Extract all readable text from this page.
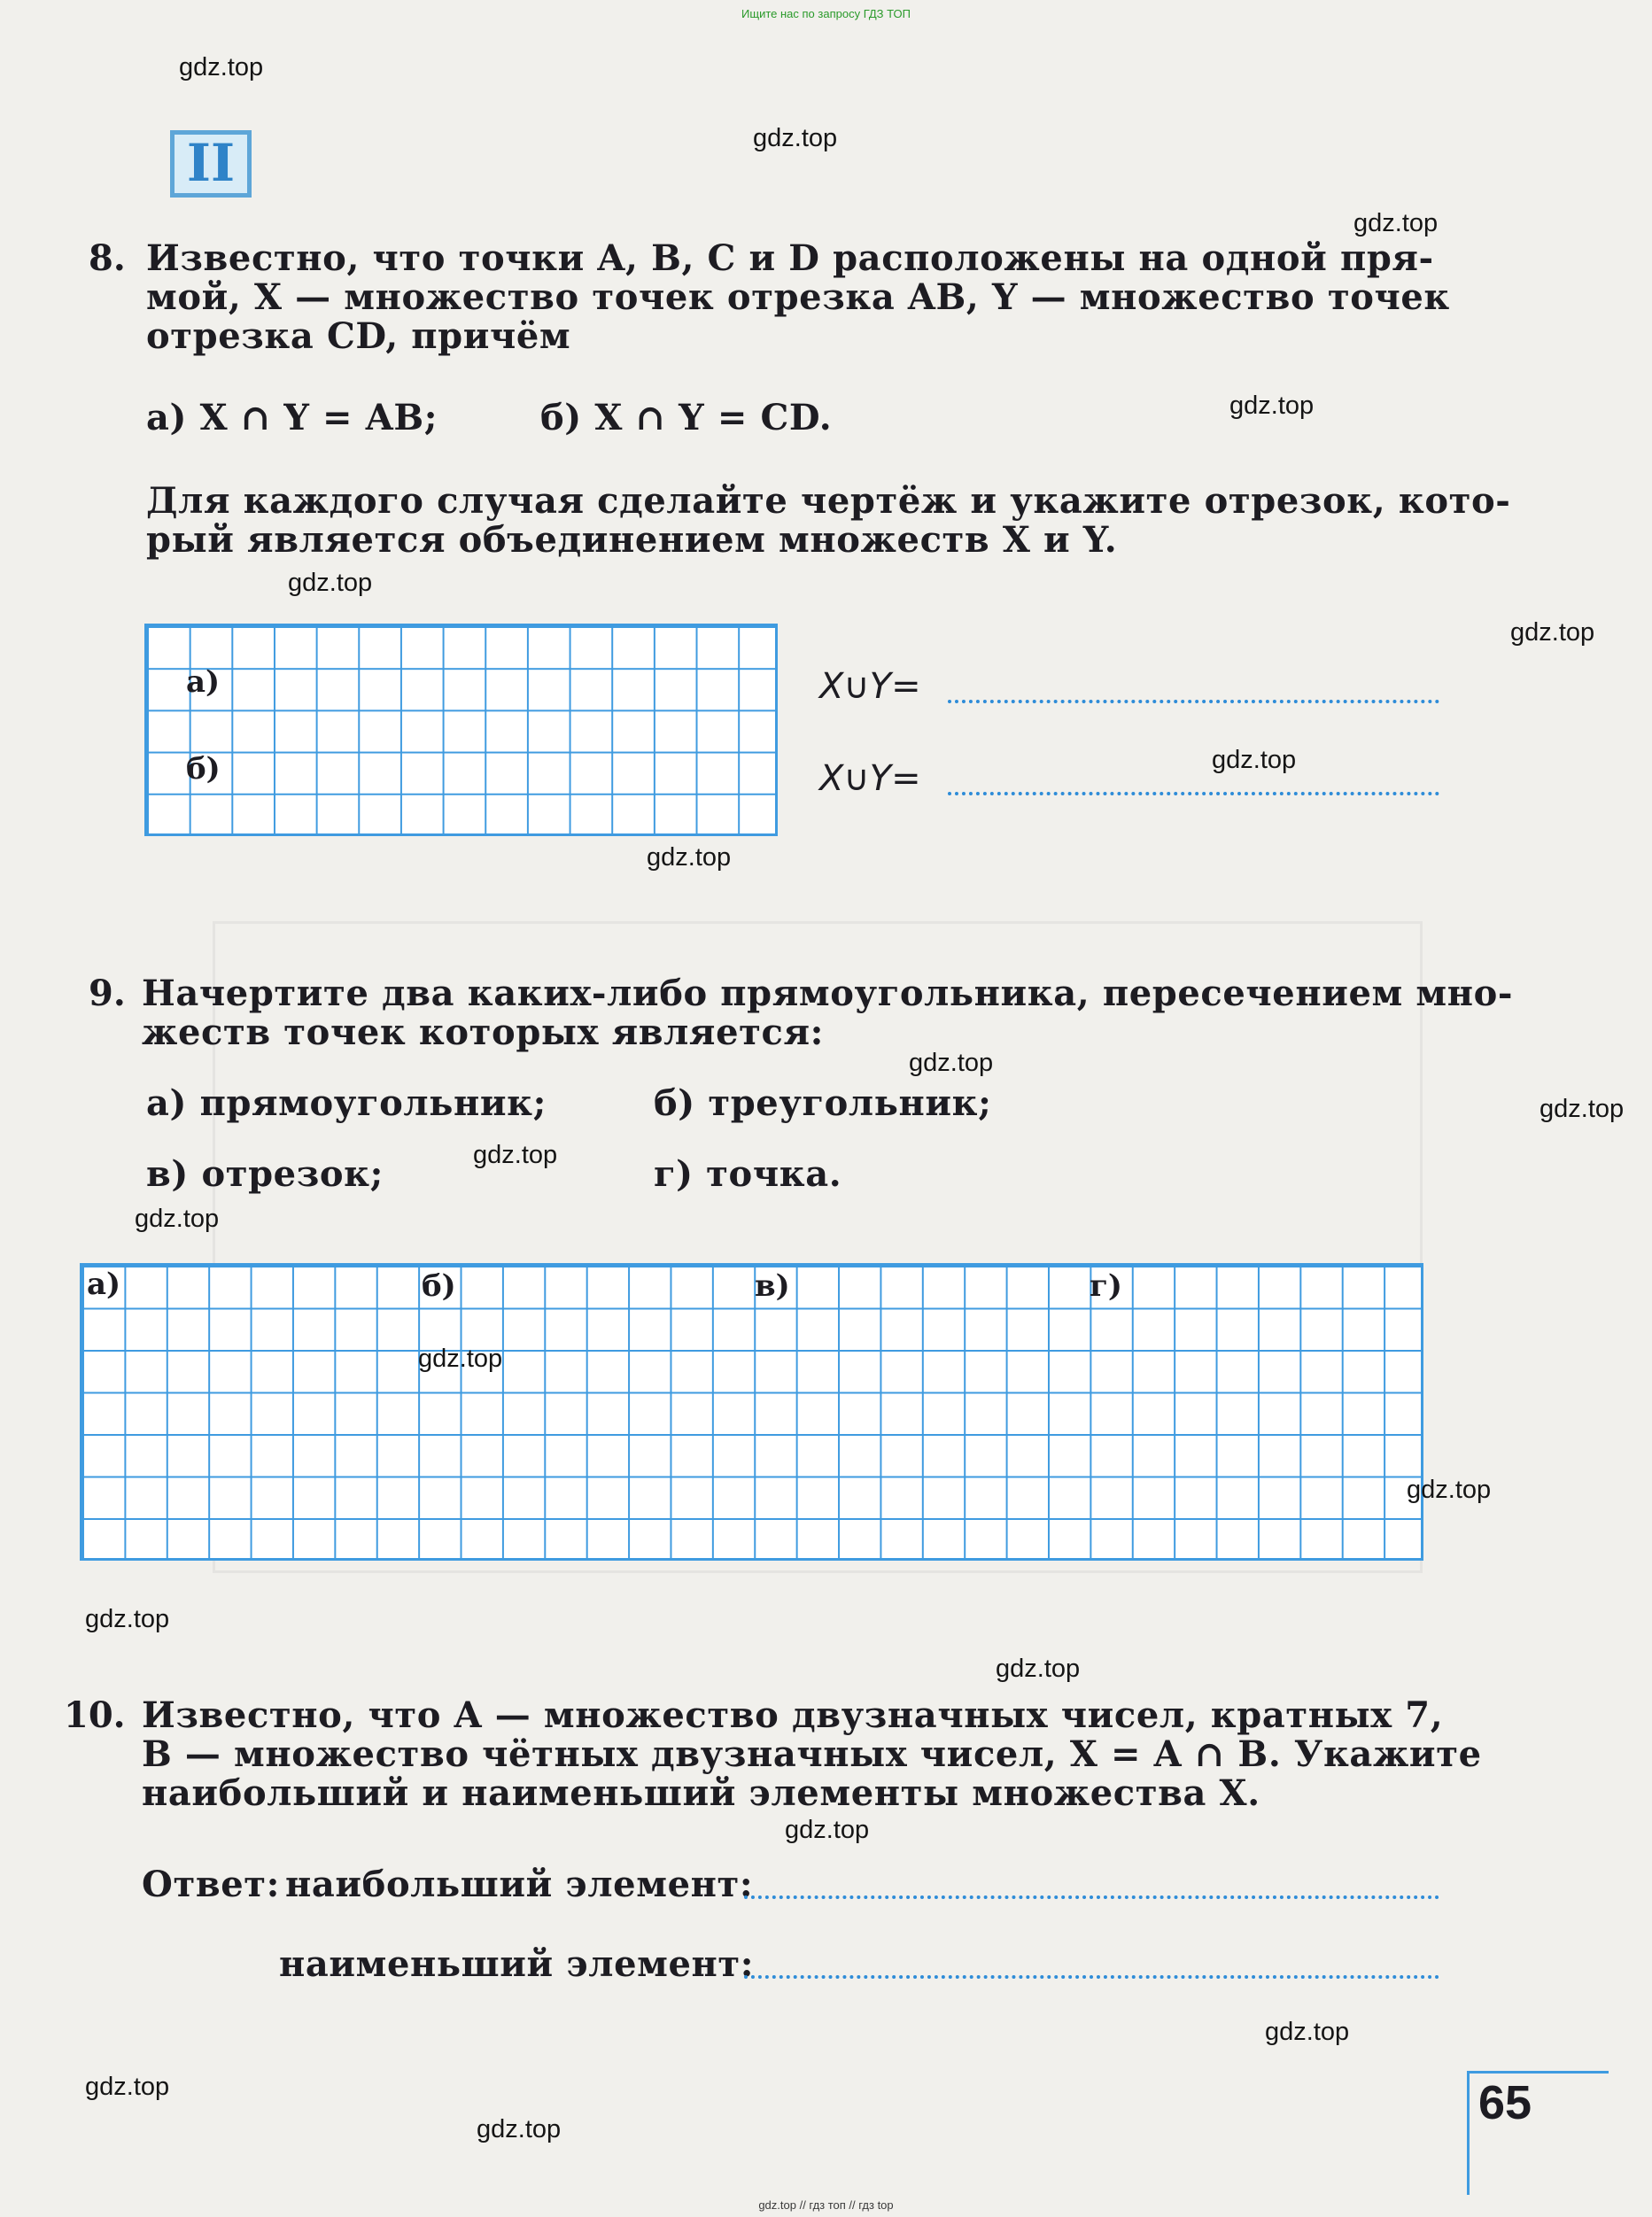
Ищите нас по запросу ГДЗ ТОП
gdz.top // гдз топ // гдз top
II
8. Известно, что точки A, B, C и D расположены на одной пря-
мой, X — множество точек отрезка AB, Y — множество точек
отрезка CD, причём
а) X ∩ Y = AB;	б) X ∩ Y = CD.
Для каждого случая сделайте чертёж и укажите отрезок, кото-
рый является объединением множеств X и Y.
а)
б)
X∪Y=
X∪Y=
9. Начертите два каких-либо прямоугольника, пересечением мно-
жеств точек которых является:
а) прямоугольник;	б) треугольник;
в) отрезок;	г) точка.
а)	б)	в)	г)
10. Известно, что A — множество двузначных чисел, кратных 7,
B — множество чётных двузначных чисел, X = A ∩ B. Укажите
наибольший и наименьший элементы множества X.
Ответ: наибольший элемент:
наименьший элемент:
65
gdz.top
gdz.top
gdz.top
gdz.top
gdz.top
gdz.top
gdz.top
gdz.top
gdz.top
gdz.top
gdz.top
gdz.top
gdz.top
gdz.top
gdz.top
gdz.top
gdz.top
gdz.top
gdz.top
gdz.top
